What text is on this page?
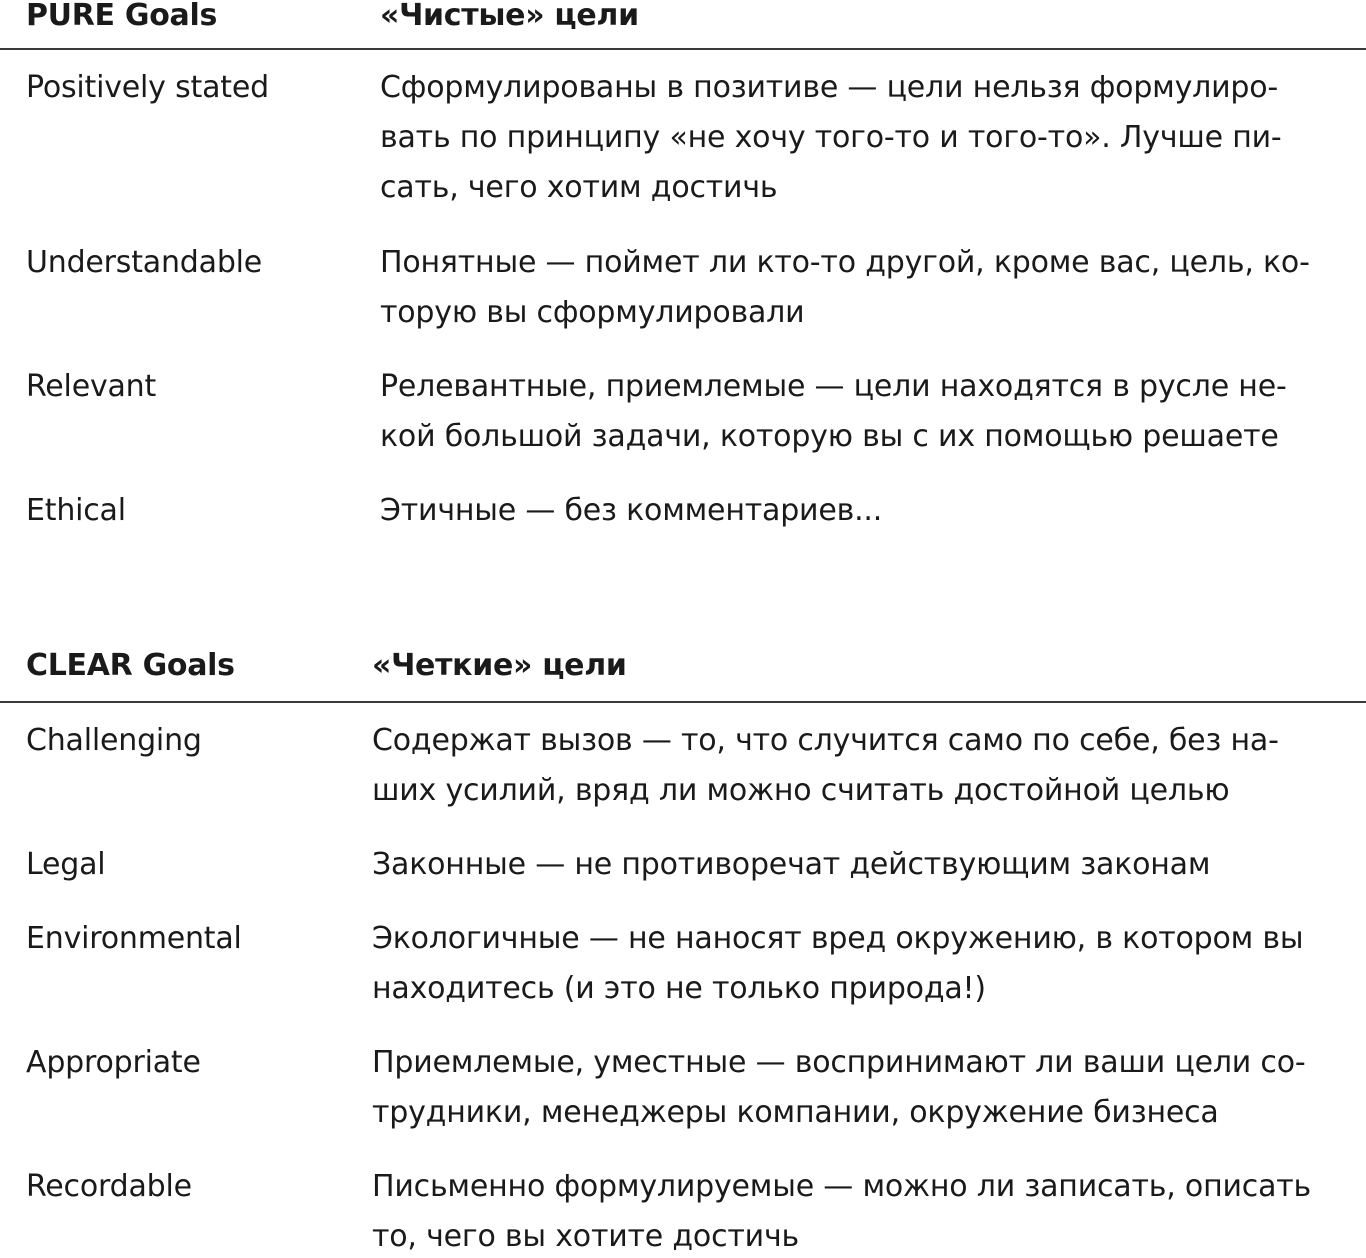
PURE Goals	«Чистые» цели
Positively stated	Сформулированы в позитиве — цели нельзя формулиро-
вать по принципу «не хочу того-то и того-то». Лучше пи-
сать, чего хотим достичь
Understandable	Понятные — поймет ли кто-то другой, кроме вас, цель, ко-
торую вы сформулировали
Relevant	Релевантные, приемлемые — цели находятся в русле не-
кой большой задачи, которую вы с их помощью решаете
Ethical	Этичные — без комментариев...
CLEAR Goals	«Четкие» цели
Challenging	Содержат вызов — то, что случится само по себе, без на-
ших усилий, вряд ли можно считать достойной целью
Legal	Законные — не противоречат действующим законам
Environmental	Экологичные — не наносят вред окружению, в котором вы
находитесь (и это не только природа!)
Appropriate	Приемлемые, уместные — воспринимают ли ваши цели со-
трудники, менеджеры компании, окружение бизнеса
Recordable	Письменно формулируемые — можно ли записать, описать
то, чего вы хотите достичь
